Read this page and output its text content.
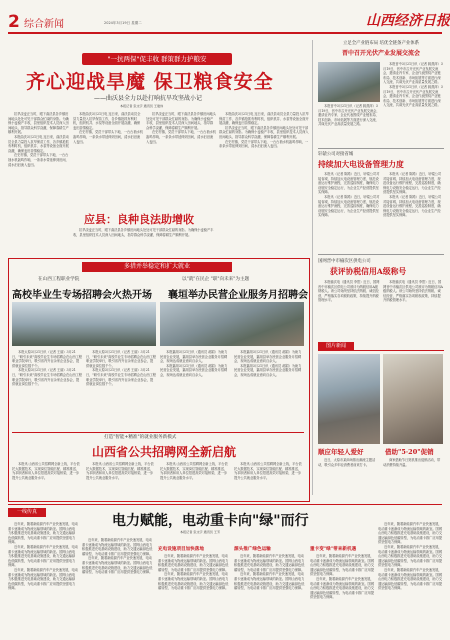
2 综合新闻	2024年3月19日 星期二	山西经济日报
"一抗两保"促丰收 群策群力护粮安
齐心迎战旱魔 保卫粮食安全
——曲沃县全力以赴打响抗旱攻坚战小记
本报记者 张文宇 通讯员 王建伟

抗旱浇麦正当时，眼下曲沃县各乡镇田间地头处处可见干部群众忙碌的身影。为确保小麦稳产丰收，县里组织技术人员深入田间地头，指导群众科学浇灌，保障春耕生产顺利开展。

本报曲沃3月21日电 连日来，曲沃县动员全县力量投入抗旱保苗工作，各乡镇抢抓有利时机，组织机井、水泵等设备全面开展浇灌，确保麦田苗情稳定。

在史村镇，党员干部带头下地，一台台抽水机轰鸣作响，一条条水带延伸到田间，清水汩汩流入麦田。

本报曲沃3月21日电 连日来，曲沃县动员全县力量投入抗旱保苗工作，各乡镇抢抓有利时机，组织机井、水泵等设备全面开展浇灌，确保麦田苗情稳定。

在史村镇，党员干部带头下地，一台台抽水机轰鸣作响，一条条水带延伸到田间，清水汩汩流入麦田。

抗旱浇麦正当时，眼下曲沃县各乡镇田间地头处处可见干部群众忙碌的身影。为确保小麦稳产丰收，县里组织技术人员深入田间地头，指导群众科学浇灌，保障春耕生产顺利开展。

在史村镇，党员干部带头下地，一台台抽水机轰鸣作响，一条条水带延伸到田间，清水汩汩流入麦田。

本报曲沃3月21日电 连日来，曲沃县动员全县力量投入抗旱保苗工作，各乡镇抢抓有利时机，组织机井、水泵等设备全面开展浇灌，确保麦田苗情稳定。

抗旱浇麦正当时，眼下曲沃县各乡镇田间地头处处可见干部群众忙碌的身影。为确保小麦稳产丰收，县里组织技术人员深入田间地头，指导群众科学浇灌，保障春耕生产顺利开展。

在史村镇，党员干部带头下地，一台台抽水机轰鸣作响，一条条水带延伸到田间，清水汩汩流入麦田。

应县：良种良法助增收

抗旱浇麦正当时，眼下曲沃县各乡镇田间地头处处可见干部群众忙碌的身影。为确保小麦稳产丰收，县里组织技术人员深入田间地头，指导群众科学浇灌，保障春耕生产顺利开展。

立足全产业链布局 培优全链条产业体系
晋中召开光伏产业发展交流会

本报晋中3月21日讯（记者 姚燕萍）3月19日，晋中市召开光伏产业发展交流会，邀请业内专家、企业代表围绕产业链布局、技术创新、市场拓展等方面进行深入交流，共谋光伏产业高质量发展之路。

本报晋中3月21日讯（记者 姚燕萍）3月19日，晋中市召开光伏产业发展交流会，邀请业内专家、企业代表围绕产业链布局、技术创新、市场拓展等方面进行深入交流，共谋光伏产业高质量发展之路。

本报晋中3月21日讯（记者 姚燕萍）3月19日，晋中市召开光伏产业发展交流会，邀请业内专家、企业代表围绕产业链布局、技术创新、市场拓展等方面进行深入交流，共谋光伏产业高质量发展之路。

轩辕公司对接省城
持续加大电设备管理力度

本报讯（记者 陈路）近日，轩辕公司对接省城，持续加大电设备管理力度，规范设备运行维护流程，完善巡检制度，确保电力设施安全稳定运行，为企业生产经营提供坚实保障。

本报讯（记者 陈路）近日，轩辕公司对接省城，持续加大电设备管理力度，规范设备运行维护流程，完善巡检制度，确保电力设施安全稳定运行，为企业生产经营提供坚实保障。

本报讯（记者 陈路）近日，轩辕公司对接省城，持续加大电设备管理力度，规范设备运行维护流程，完善巡检制度，确保电力设施安全稳定运行，为企业生产经营提供坚实保障。

本报讯（记者 陈路）近日，轩辕公司对接省城，持续加大电设备管理力度，规范设备运行维护流程，完善巡检制度，确保电力设施安全稳定运行，为企业生产经营提供坚实保障。

国网晋中市榆次区供电公司
获评协税信用A级称号

本报榆次电（通讯员 李思）近日，国网晋中市榆次区供电公司被评为纳税信用A级纳税人。该公司始终坚持依法纳税、诚信经营，严格落实各项税收政策，持续提升纳税管理水平。

本报榆次电（通讯员 李思）近日，国网晋中市榆次区供电公司被评为纳税信用A级纳税人。该公司始终坚持依法纳税、诚信经营，严格落实各项税收政策，持续提升纳税管理水平。

图片新闻
顺应年轻人爱好	借助"5·20"促销

近日，太原市某商场推出潮流主题活动，吸引众多年轻消费者前来打卡。

商家借助节日契机推出促销活动，带动消费持续升温。

多措并举稳定和扩大就业
在山西工程职业学院
高校毕业生专场招聘会火热开场
以"就"在民企 "职"向未来"为主题
襄垣举办民营企业服务月招聘会

本报太原3月21日讯（记者 王丽）3月21日，"职引未来"高校毕业生专场招聘会在山西工程职业学院举行，吸引省内外百余家企业参会，提供就业岗位数千个。

本报太原3月21日讯（记者 王丽）3月21日，"职引未来"高校毕业生专场招聘会在山西工程职业学院举行，吸引省内外百余家企业参会，提供就业岗位数千个。

本报太原3月21日讯（记者 王丽）3月21日，"职引未来"高校毕业生专场招聘会在山西工程职业学院举行，吸引省内外百余家企业参会，提供就业岗位数千个。

本报太原3月21日讯（记者 王丽）3月21日，"职引未来"高校毕业生专场招聘会在山西工程职业学院举行，吸引省内外百余家企业参会，提供就业岗位数千个。

本报襄垣3月21日讯（通讯员 郝娟）为助力民营企业发展，襄垣县举办民营企业服务月招聘会，现场达成就业意向百余人。

本报襄垣3月21日讯（通讯员 郝娟）为助力民营企业发展，襄垣县举办民营企业服务月招聘会，现场达成就业意向百余人。

本报襄垣3月21日讯（通讯员 郝娟）为助力民营企业发展，襄垣县举办民营企业服务月招聘会，现场达成就业意向百余人。

本报襄垣3月21日讯（通讯员 郝娟）为助力民营企业发展，襄垣县举办民营企业服务月招聘会，现场达成就业意向百余人。

打造"智能+精准"的就业服务新模式
山西省公共招聘网全新启航

本报讯 山西省公共招聘网全新上线，平台依托大数据技术，实现岗位智能匹配、精准推送，为求职者和用人单位搭建高效对接桥梁，进一步提升公共就业服务水平。

本报讯 山西省公共招聘网全新上线，平台依托大数据技术，实现岗位智能匹配、精准推送，为求职者和用人单位搭建高效对接桥梁，进一步提升公共就业服务水平。

本报讯 山西省公共招聘网全新上线，平台依托大数据技术，实现岗位智能匹配、精准推送，为求职者和用人单位搭建高效对接桥梁，进一步提升公共就业服务水平。

本报讯 山西省公共招聘网全新上线，平台依托大数据技术，实现岗位智能匹配、精准推送，为求职者和用人单位搭建高效对接桥梁，进一步提升公共就业服务水平。

一线传真
电力赋能，电动重卡向"绿"而行
本报记者 张文宇 通讯员 王芳

近年来，随着新能源汽车产业快速发展，电动重卡逐渐成为物流运输领域的新宠。国网山西电力积极推进充电基础设施建设，助力交通运输绿色低碳转型，为电动重卡推广应用提供坚强电力保障。

近年来，随着新能源汽车产业快速发展，电动重卡逐渐成为物流运输领域的新宠。国网山西电力积极推进充电基础设施建设，助力交通运输绿色低碳转型，为电动重卡推广应用提供坚强电力保障。

近年来，随着新能源汽车产业快速发展，电动重卡逐渐成为物流运输领域的新宠。国网山西电力积极推进充电基础设施建设，助力交通运输绿色低碳转型，为电动重卡推广应用提供坚强电力保障。

近年来，随着新能源汽车产业快速发展，电动重卡逐渐成为物流运输领域的新宠。国网山西电力积极推进充电基础设施建设，助力交通运输绿色低碳转型，为电动重卡推广应用提供坚强电力保障。

近年来，随着新能源汽车产业快速发展，电动重卡逐渐成为物流运输领域的新宠。国网山西电力积极推进充电基础设施建设，助力交通运输绿色低碳转型，为电动重卡推广应用提供坚强电力保障。

充电设施项目加快落地

近年来，随着新能源汽车产业快速发展，电动重卡逐渐成为物流运输领域的新宠。国网山西电力积极推进充电基础设施建设，助力交通运输绿色低碳转型，为电动重卡推广应用提供坚强电力保障。

近年来，随着新能源汽车产业快速发展，电动重卡逐渐成为物流运输领域的新宠。国网山西电力积极推进充电基础设施建设，助力交通运输绿色低碳转型，为电动重卡推广应用提供坚强电力保障。

源头推广绿色运输

近年来，随着新能源汽车产业快速发展，电动重卡逐渐成为物流运输领域的新宠。国网山西电力积极推进充电基础设施建设，助力交通运输绿色低碳转型，为电动重卡推广应用提供坚强电力保障。

近年来，随着新能源汽车产业快速发展，电动重卡逐渐成为物流运输领域的新宠。国网山西电力积极推进充电基础设施建设，助力交通运输绿色低碳转型，为电动重卡推广应用提供坚强电力保障。

重卡变"绿"带来新机遇

近年来，随着新能源汽车产业快速发展，电动重卡逐渐成为物流运输领域的新宠。国网山西电力积极推进充电基础设施建设，助力交通运输绿色低碳转型，为电动重卡推广应用提供坚强电力保障。

近年来，随着新能源汽车产业快速发展，电动重卡逐渐成为物流运输领域的新宠。国网山西电力积极推进充电基础设施建设，助力交通运输绿色低碳转型，为电动重卡推广应用提供坚强电力保障。

近年来，随着新能源汽车产业快速发展，电动重卡逐渐成为物流运输领域的新宠。国网山西电力积极推进充电基础设施建设，助力交通运输绿色低碳转型，为电动重卡推广应用提供坚强电力保障。

近年来，随着新能源汽车产业快速发展，电动重卡逐渐成为物流运输领域的新宠。国网山西电力积极推进充电基础设施建设，助力交通运输绿色低碳转型，为电动重卡推广应用提供坚强电力保障。

近年来，随着新能源汽车产业快速发展，电动重卡逐渐成为物流运输领域的新宠。国网山西电力积极推进充电基础设施建设，助力交通运输绿色低碳转型，为电动重卡推广应用提供坚强电力保障。
